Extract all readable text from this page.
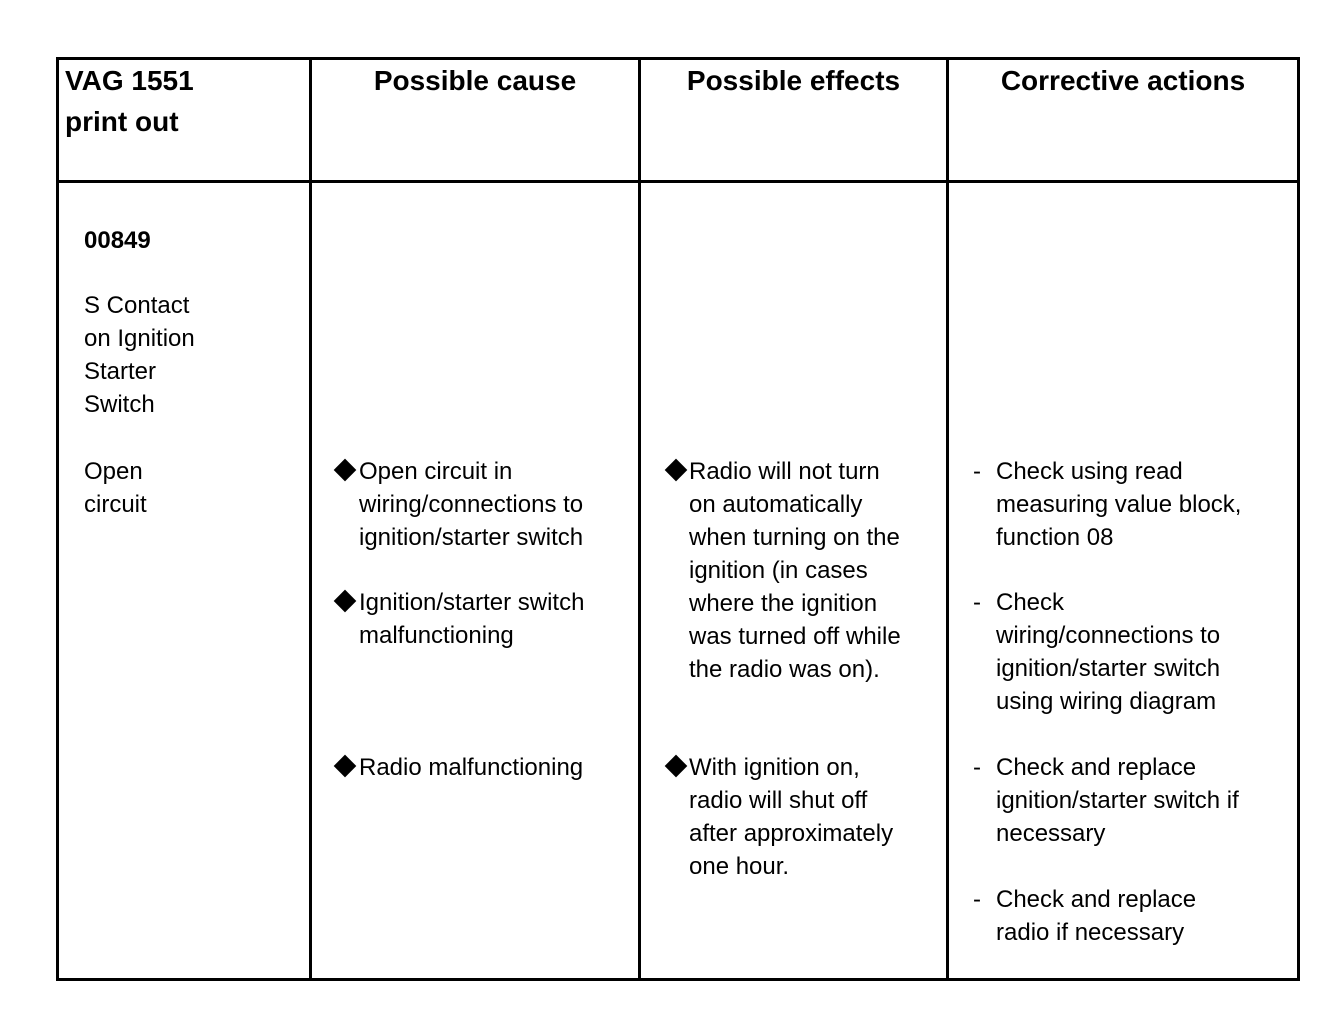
VAG 1551
print out
Possible cause	Possible effects	Corrective actions
00849
S Contact
on Ignition
Starter
Switch
Open
circuit
Open circuit in
wiring/connections to
ignition/starter switch
Ignition/starter switch
malfunctioning
Radio malfunctioning
Radio will not turn
on automatically
when turning on the
ignition (in cases
where the ignition
was turned off while
the radio was on).
With ignition on,
radio will shut off
after approximately
one hour.
- Check using read
measuring value block,
function 08
- Check
wiring/connections to
ignition/starter switch
using wiring diagram
- Check and replace
ignition/starter switch if
necessary
- Check and replace
radio if necessary
